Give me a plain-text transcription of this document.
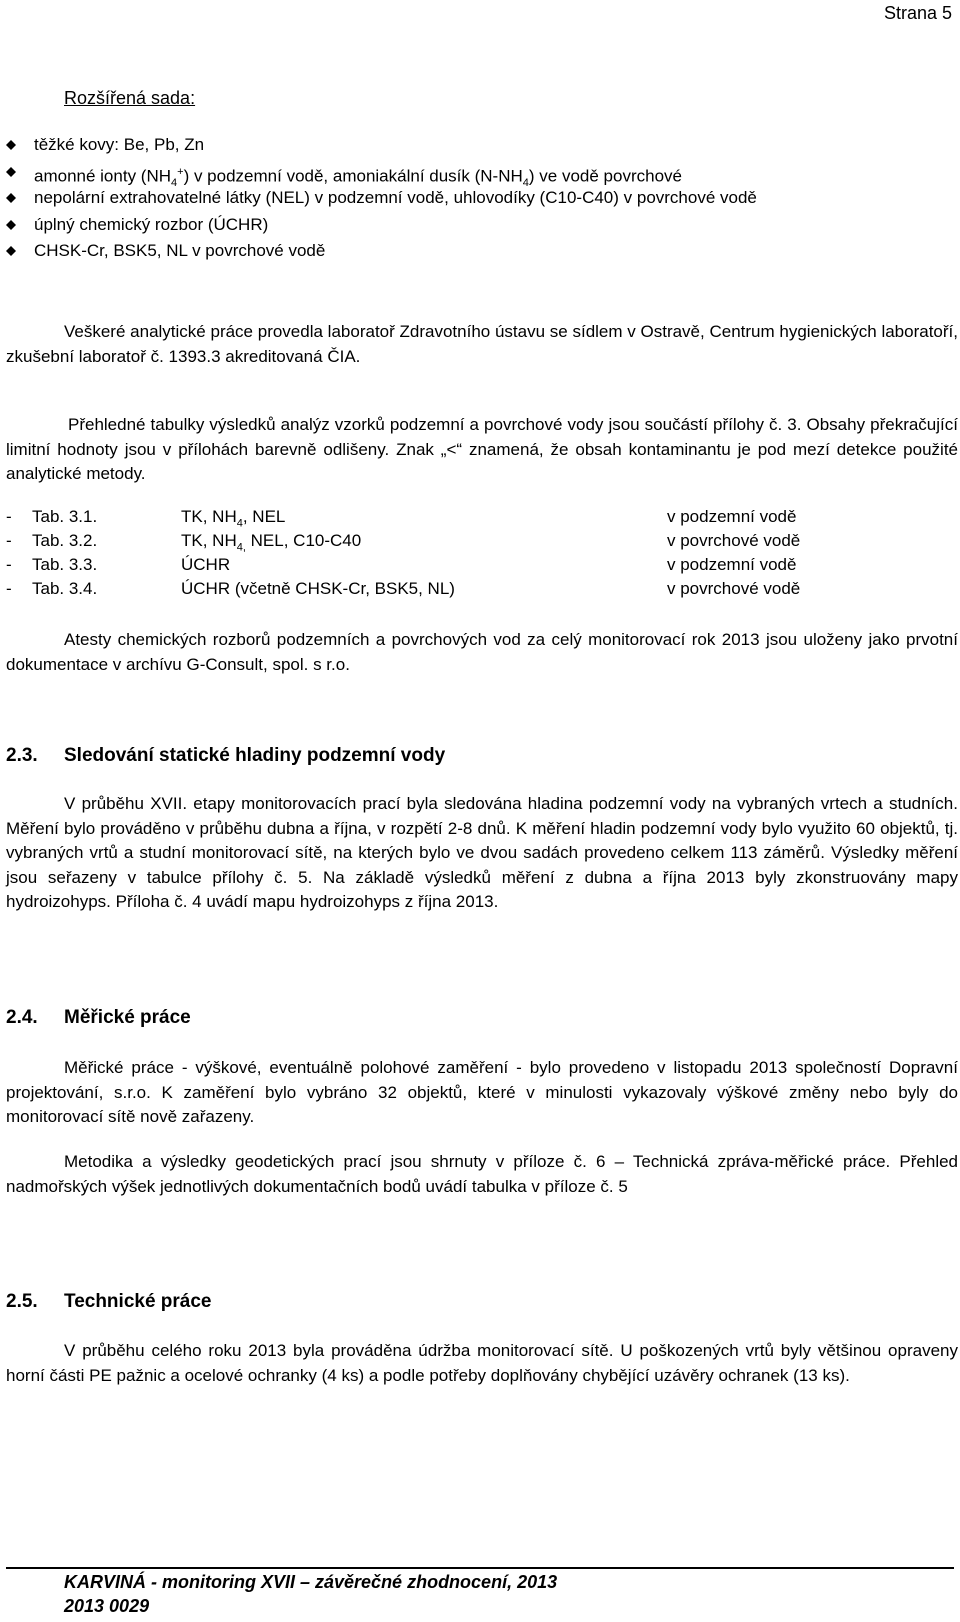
Strana 5
Rozšířená sada:
těžké kovy: Be, Pb, Zn
amonné ionty $(NH_4^+)$ v podzemní vodě, amoniakální dusík $(N-NH_4)$ ve vodě povrchové
nepolární extrahovatelné látky (NEL) v podzemní vodě, uhlovodíky (C10-C40) v povrchové vodě
úplný chemický rozbor (ÚCHR)
CHSK-Cr, BSK5, NL v povrchové vodě

Veškeré analytické práce provedla laboratoř Zdravotního ústavu se sídlem v Ostravě, Centrum hygienických laboratoří, zkušební laboratoř č. 1393.3 akreditovaná ČIA.

Přehledné tabulky výsledků analýz vzorků podzemní a povrchové vody jsou součástí přílohy č. 3. Obsahy překračující limitní hodnoty jsou v přílohách barevně odlišeny. Znak „<“ znamená, že obsah kontaminantu je pod mezí detekce použité analytické metody.

-	Tab. 3.1.	TK, $NH_4$, NEL	v podzemní vodě
-	Tab. 3.2.	TK, $NH_{4,}$ NEL, C10-C40	v povrchové vodě
-	Tab. 3.3.	ÚCHR	v podzemní vodě
-	Tab. 3.4.	ÚCHR (včetně CHSK-Cr, BSK5, NL)	v povrchové vodě

Atesty chemických rozborů podzemních a povrchových vod za celý monitorovací rok 2013 jsou uloženy jako prvotní dokumentace v archívu G-Consult, spol. s r.o.

2.3. Sledování statické hladiny podzemní vody

V průběhu XVII. etapy monitorovacích prací byla sledována hladina podzemní vody na vybraných vrtech a studních. Měření bylo prováděno v průběhu dubna a října, v rozpětí 2-8 dnů. K měření hladin podzemní vody bylo využito 60 objektů, tj. vybraných vrtů a studní monitorovací sítě, na kterých bylo ve dvou sadách provedeno celkem 113 záměrů. Výsledky měření jsou seřazeny v tabulce přílohy č. 5. Na základě výsledků měření z dubna a října 2013 byly zkonstruovány mapy hydroizohyps. Příloha č. 4 uvádí mapu hydroizohyps z října 2013.

2.4. Měřické práce

Měřické práce - výškové, eventuálně polohové zaměření - bylo provedeno v listopadu 2013 společností Dopravní projektování, s.r.o. K zaměření bylo vybráno 32 objektů, které v minulosti vykazovaly výškové změny nebo byly do monitorovací sítě nově zařazeny.

Metodika a výsledky geodetických prací jsou shrnuty v příloze č. 6 – Technická zpráva-měřické práce. Přehled nadmořských výšek jednotlivých dokumentačních bodů uvádí tabulka v příloze č. 5

2.5. Technické práce

V průběhu celého roku 2013 byla prováděna údržba monitorovací sítě. U poškozených vrtů byly většinou opraveny horní části PE pažnic a ocelové ochranky (4 ks) a podle potřeby doplňovány chybějící uzávěry ochranek (13 ks).

KARVINÁ - monitoring XVII – závěrečné zhodnocení, 2013
2013 0029
